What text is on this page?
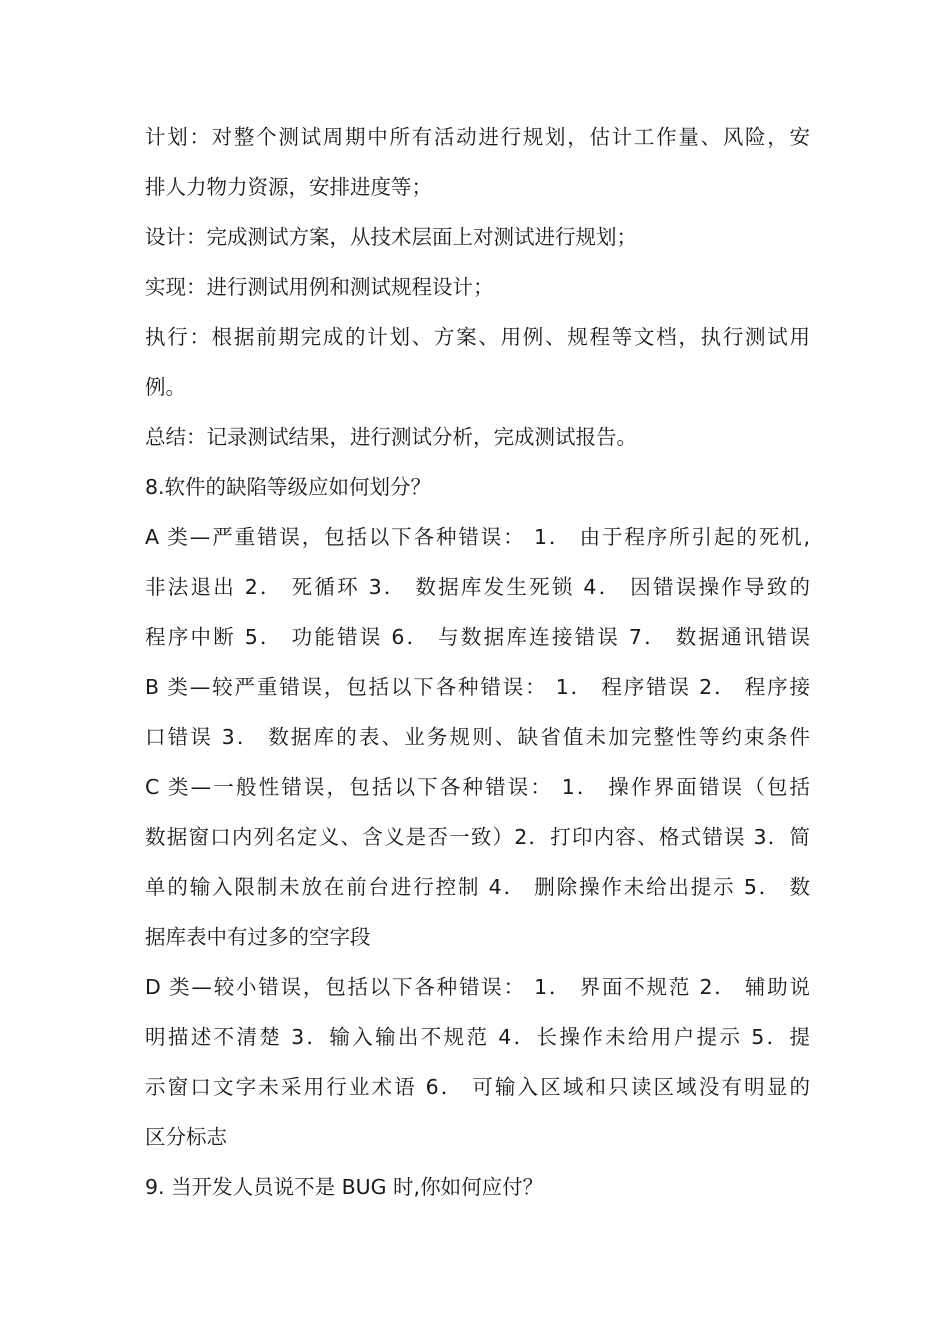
计划：对整个测试周期中所有活动进行规划，估计工作量、风险，安
排人力物力资源，安排进度等；
设计：完成测试方案，从技术层面上对测试进行规划；
实现：进行测试用例和测试规程设计；
执行：根据前期完成的计划、方案、用例、规程等文档，执行测试用
例。
总结：记录测试结果，进行测试分析，完成测试报告。
8.软件的缺陷等级应如何划分？
A 类—严重错误，包括以下各种错误： 1． 由于程序所引起的死机,
非法退出 2． 死循环 3． 数据库发生死锁 4． 因错误操作导致的
程序中断 5． 功能错误 6． 与数据库连接错误 7． 数据通讯错误
B 类—较严重错误，包括以下各种错误： 1． 程序错误 2． 程序接
口错误 3． 数据库的表、业务规则、缺省值未加完整性等约束条件
C 类—一般性错误，包括以下各种错误： 1． 操作界面错误（包括
数据窗口内列名定义、含义是否一致）2．打印内容、格式错误 3．简
单的输入限制未放在前台进行控制 4． 删除操作未给出提示 5． 数
据库表中有过多的空字段
D 类—较小错误，包括以下各种错误： 1． 界面不规范 2． 辅助说
明描述不清楚 3．输入输出不规范 4．长操作未给用户提示 5．提
示窗口文字未采用行业术语 6． 可输入区域和只读区域没有明显的
区分标志
9. 当开发人员说不是 BUG 时,你如何应付？
